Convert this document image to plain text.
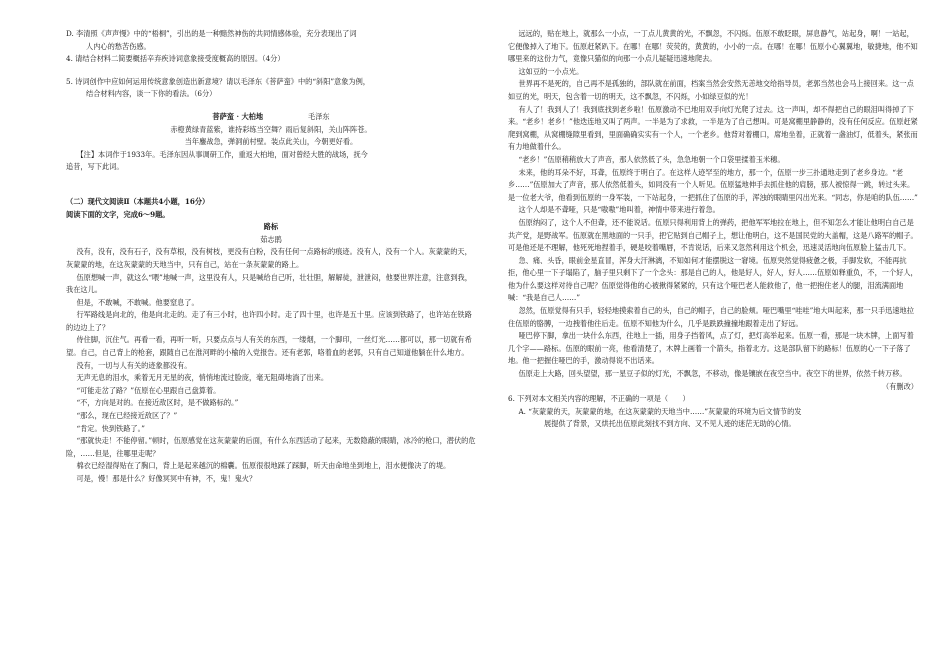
D. 李清照《声声慢》中的“梧桐”，引出的是一种黯然神伤的共同情感体验，充分表现出了词

人内心的愁苦伤感。

4. 请结合材料二简要概括辛弃疾诗词意象接受度概高的原因。（4分）

5. 诗词创作中应如何运用传统意象创造出新意境？请以毛泽东《菩萨蛮》中的“斜阳”意象为例，

结合材料内容，谈一下你的看法。（6分）

菩萨蛮 · 大柏地	毛泽东

赤橙黄绿青蓝紫，谁持彩练当空舞？雨后复斜阳，关山阵阵苍。

当年鏖战急，弹洞前村壁。装点此关山，今朝更好看。

【注】本词作于1933年。毛泽东因从事调研工作，重返大柏地，面对曾经大胜的战场，抚今

追昔，写下此词。

（二）现代文阅读Ⅱ（本题共4小题，16分）

阅读下面的文字，完成6～9题。

路标

茹志鹃

没有，没有，没有石子，没有草根，没有树枝，更没有白粉，没有任何一点路标的痕迹。没有人，没有一个人。灰蒙蒙的天，灰蒙蒙的地，在这灰蒙蒙的天地当中，只有自己，站在一条灰蒙蒙的路上。

伍原想喊一声，就这么“喂”地喊一声，这里没有人，只是喊给自己听，壮壮胆，解解徒，泄泄闷，他要世界注意，注意到我，我在这儿。

但是，不敢喊，不敢喊。他要窒息了。

行军路线是向北的，他是向北走的。走了有三小时，也许四小时。走了四十里，也许是五十里。应该到铁路了，也许站在铁路的边边上了？

侍住脚，沉住气。再看一看，再听一听，只要点点与人有关的东西，一缕烟，一个脚印，一丝灯光……都可以，那一切就有希望。自己，自己背上的枪套，跟随自己在淮河畔的小榆的入党报告。还有老郭，咯着血的老郭，只有自己知道他躺在什么地方。

没有，一切与人有关的迹象都没有。

无声无息的泪水，乘着无月无星的夜，悄悄地流过脸庞，毫无阻碍地淌了出来。

“可能走岔了路？”伍原在心里跟自己盘算着。

“不，方向是对的。在接近敌区时，是不做路标的。”

“那么，现在已经接近敌区了？”

“肯定。快到铁路了。”

“那就快走！不能停留。”顿时，伍原感觉在这灰蒙蒙的后面，有什么东西活动了起来，无数隐蔽的眼睛，冰冷的枪口，潜伏的危险，……但是，往哪里走呢？

棉衣已经湿得贴在了胸口，背上是起来越沉的棉囊。伍原很很地踩了踩脚，听天由命地坐到地上，泪水便像决了的堤。

可是，慢！那是什么？好像冥冥中有神，不，鬼！鬼火？

远远的，贴在地上，就那么一小点，一丁点儿黄黄的光，不飘忽，不闪烁。伍原不敢眨眼，屏息静气，站起身，啊！一站起，它便像掉入了地下。伍原赶紧趴下。在哪！在哪！荧荧的，黄黄的，小小的一点。在哪！在哪！伍原小心翼翼地，敏捷地，他不知哪里来的这份力气，竟像只猫似的向那一小点儿疑疑迅速地爬去。

这如豆的一小点光。

世界再不是死的，自己再不是孤独的，部队就在前面，档案当然会安然无恙地交给指导员，老郭当然也会马上接回来。这一点如豆的光，明天，包含着一切的明天，这不飘忽，不闪烁，小如绿豆似的光！

有人了！我到人了！我到底找到老乡啦！伍原激动不已地用双手向灯光爬了过去。这一声叫，却不得把自己的眼泪叫得掉了下来。“老乡！老乡！”他迭连地又叫了两声。一半是为了求救，一半是为了自己想叫。可是窝棚里静静的，没有任何反应。伍原赶紧爬到窝棚，从窝棚缝隙里看到，里面确确实实有一个人，一个老乡。他背对着棚口，席地坐着，正就着一盏油灯，低着头，紧张而有力地做着什么。

“老乡！”伍原稍稍放大了声音，那人依然低了头，急急地朝一个口袋里揉着玉米穗。

未来，他的耳朵不好，耳聋，伍原终于明白了。在这样人迹罕至的地方，那一个，伍原一步三扑通地走到了老乡身边。“老乡……”伍原加大了声音，那人依然低着头，如同没有一个人听见。伍原猛地伸手去抓住他的肩膀，那人被惊得一跳，转过头来。是一位老大爷，他看到伍原的一身军装，一下站起身，一把抓住了伍原的手，浑浊的眼睛里闪出光来。“同志，你是咱的队伍……”

这个人却是不聋哑，只是“嗷嗷”地叫着，神情中带来进行着急。

伍原纳闷了，这个人不但聋，还不能说话。伍原只得利用背上的弹药，把他军军地拉在地上，但不知怎么才能让他明白自己是共产党，是野战军。伍原就在黑地面的一只手，把它贴到自己帽子上，想让他明白，这不是国民党的大盖帽，这是八路军的帽子。可是他还是不理解，他死死地捏着手，硬是咬着嘴唇，不肯说话，后来又忽然利用这个机会，迅速灵活地向伍原脸上猛击几下。

急、痛、头昏，眼前金星直冒，浑身大汗淋漓，不知如何才能摆脱这一窘境。伍原突然觉得疲惫之极，手脚发软，不能再抗拒，他心里一下子塌陷了，脑子里只剩下了一个念头：那是自己的人，他是好人，好人，好人……伍原如释重负，不，一个好人，他为什么要这样对待自己呢？伍原觉得他的心被揪得紧紧的，只有这个哑巴老人能救他了，他一把抱住老人的腿，泪流满面地喊：“我是自己人……”

忽然，伍原觉得有只手，轻轻地摸索着自己的头，自己的帽子，自己的脸颊。哑巴嘴里“哇哇”地大叫起来，那一只手迅速地拉住伍原的胳膊，一边拽着他往后走。伍原不知他为什么，几乎是跌跌撞撞地跟着走出了好远。

哑巴停下脚，拿出一块什么东西，往地上一插，用身子挡着风，点了灯，把灯高举起来。伍原一看，那是一块木牌，上面写着几个字——路标。伍原的眼前一亮，他看清楚了，木牌上画着一个箭头，指着北方。这是部队留下的路标！伍原的心一下子落了地。他一把握住哑巴的手，激动得说不出话来。

伍原走上大路，回头望望，那一星豆子似的灯光，不飘忽，不移动，像是镶嵌在夜空当中。夜空下的世界，依然千转万移。

（有删改）

6. 下列对本文相关内容的理解，不正确的一项是（　　）

A. “灰蒙蒙的天，灰蒙蒙的地，在这灰蒙蒙的天地当中……”灰蒙蒙的环境为后文情节的发

展提供了背景，又烘托出伍原此刻找不到方向、又不见人迹的迷茫无助的心情。
